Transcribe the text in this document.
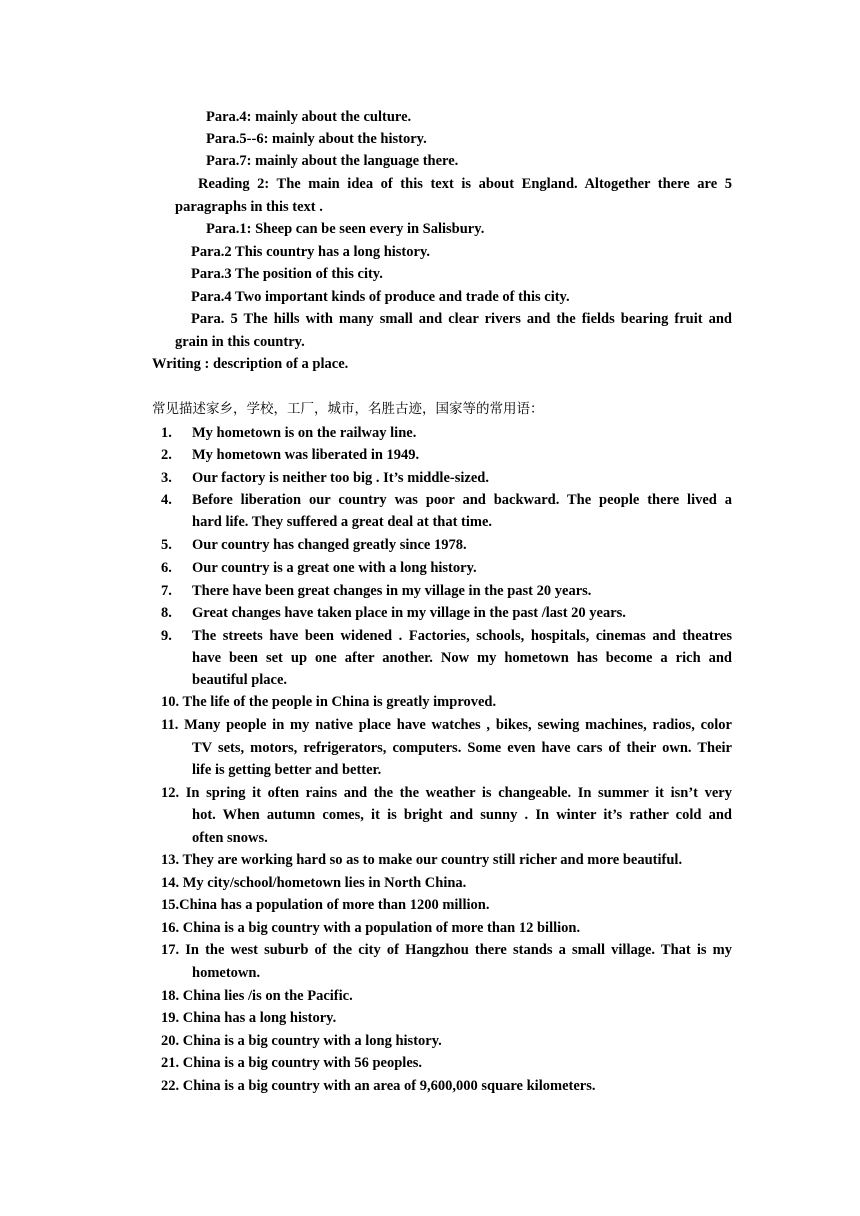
Para.4: mainly about the culture.
Para.5--6: mainly about the history.
Para.7: mainly about the language there.
Reading 2: The main idea of this text is about England. Altogether there are 5
paragraphs in this text .
Para.1: Sheep can be seen every in Salisbury.
Para.2 This country has a long history.
Para.3 The position of this city.
Para.4 Two important kinds of produce and trade of this city.
Para. 5 The hills with many small and clear rivers and the fields bearing fruit and
grain in this country.
Writing : description of a place.
常见描述家乡，学校，工厂，城市，名胜古迹，国家等的常用语：
1. My hometown is on the railway line.
2. My hometown was liberated in 1949.
3. Our factory is neither too big . It’s middle-sized.
4. Before liberation our country was poor and backward. The people there lived a
hard life. They suffered a great deal at that time.
5. Our country has changed greatly since 1978.
6. Our country is a great one with a long history.
7. There have been great changes in my village in the past 20 years.
8. Great changes have taken place in my village in the past /last 20 years.
9. The streets have been widened . Factories, schools, hospitals, cinemas and theatres
have been set up one after another. Now my hometown has become a rich and
beautiful place.
10. The life of the people in China is greatly improved.
11. Many people in my native place have watches , bikes, sewing machines, radios, color
TV sets, motors, refrigerators, computers. Some even have cars of their own. Their
life is getting better and better.
12. In spring it often rains and the the weather is changeable. In summer it isn’t very
hot. When autumn comes, it is bright and sunny . In winter it’s rather cold and
often snows.
13. They are working hard so as to make our country still richer and more beautiful.
14. My city/school/hometown lies in North China.
15.China has a population of more than 1200 million.
16. China is a big country with a population of more than 12 billion.
17. In the west suburb of the city of Hangzhou there stands a small village. That is my
hometown.
18. China lies /is on the Pacific.
19. China has a long history.
20. China is a big country with a long history.
21. China is a big country with 56 peoples.
22. China is a big country with an area of 9,600,000 square kilometers.
